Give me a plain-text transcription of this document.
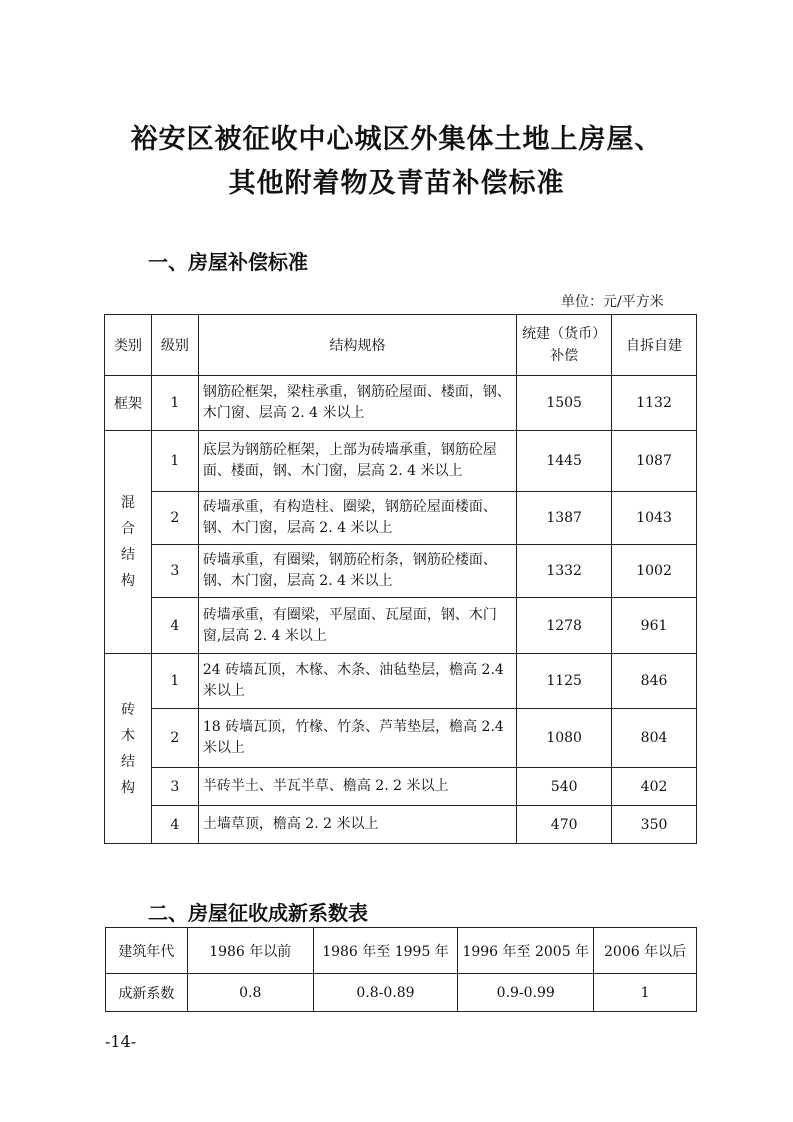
裕安区被征收中心城区外集体土地上房屋、
其他附着物及青苗补偿标准
一、房屋补偿标准
单位：元/平方米
类别	级别	结构规格	统建（货币）补偿	自拆自建
框架	1	钢筋砼框架，梁柱承重，钢筋砼屋面、楼面，钢、木门窗、层高 2. 4 米以上	1505	1132

混
合
结
构	1	底层为钢筋砼框架，上部为砖墙承重，钢筋砼屋面、楼面，钢、木门窗，层高 2. 4 米以上	1445	1087
	2	砖墙承重，有构造柱、圈梁，钢筋砼屋面楼面、钢、木门窗，层高 2. 4 米以上	1387	1043
	3	砖墙承重，有圈梁，钢筋砼桁条，钢筋砼楼面、钢、木门窗，层高 2. 4 米以上	1332	1002
	4	砖墙承重，有圈梁，平屋面、瓦屋面，钢、木门窗,层高 2. 4 米以上	1278	961

砖
木
结
构	1	24 砖墙瓦顶，木椽、木条、油毡垫层，檐高 2.4 米以上	1125	846
	2	18 砖墙瓦顶，竹椽、竹条、芦苇垫层，檐高 2.4 米以上	1080	804
	3	半砖半土、半瓦半草、檐高 2. 2 米以上	540	402
	4	土墙草顶，檐高 2. 2 米以上	470	350
二、房屋征收成新系数表
建筑年代	1986 年以前	1986 年至 1995 年	1996 年至 2005 年	2006 年以后
成新系数	0.8	0.8-0.89	0.9-0.99	1
-14-
